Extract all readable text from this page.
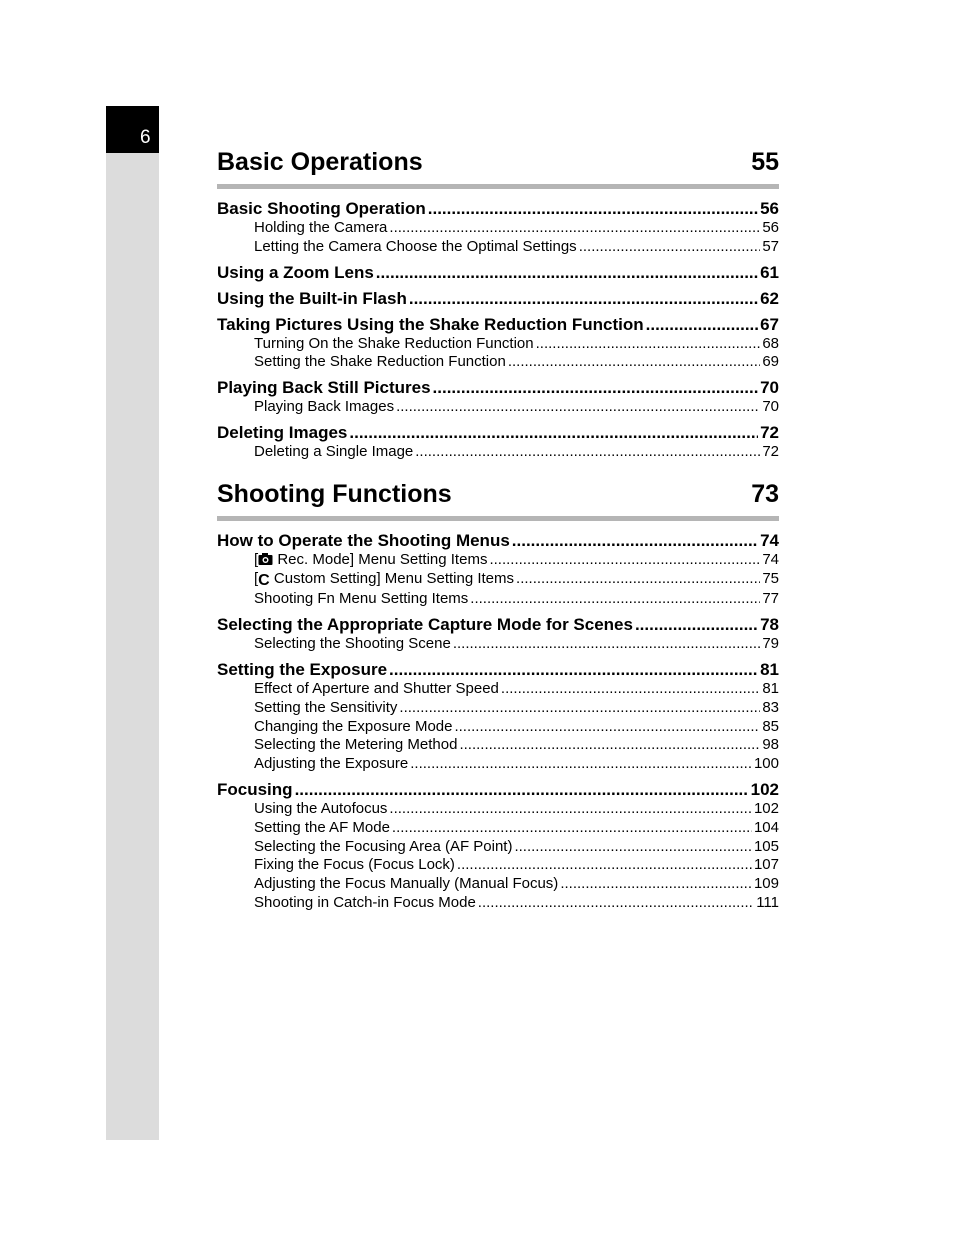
6
Basic Operations	55
Basic Shooting Operation .....	56
Holding the Camera .....	56
Letting the Camera Choose the Optimal Settings .....	57
Using a Zoom Lens .....	61
Using the Built-in Flash .....	62
Taking Pictures Using the Shake Reduction Function .....	67
Turning On the Shake Reduction Function .....	68
Setting the Shake Reduction Function .....	69
Playing Back Still Pictures .....	70
Playing Back Images .....	70
Deleting Images .....	72
Deleting a Single Image .....	72
Shooting Functions	73
How to Operate the Shooting Menus .....	74
[ Rec. Mode] Menu Setting Items .....	74
[C Custom Setting] Menu Setting Items .....	75
Shooting Fn Menu Setting Items .....	77
Selecting the Appropriate Capture Mode for Scenes .....	78
Selecting the Shooting Scene .....	79
Setting the Exposure .....	81
Effect of Aperture and Shutter Speed .....	81
Setting the Sensitivity .....	83
Changing the Exposure Mode .....	85
Selecting the Metering Method .....	98
Adjusting the Exposure .....	100
Focusing .....	102
Using the Autofocus .....	102
Setting the AF Mode .....	104
Selecting the Focusing Area (AF Point) .....	105
Fixing the Focus (Focus Lock) .....	107
Adjusting the Focus Manually (Manual Focus) .....	109
Shooting in Catch-in Focus Mode .....	111
